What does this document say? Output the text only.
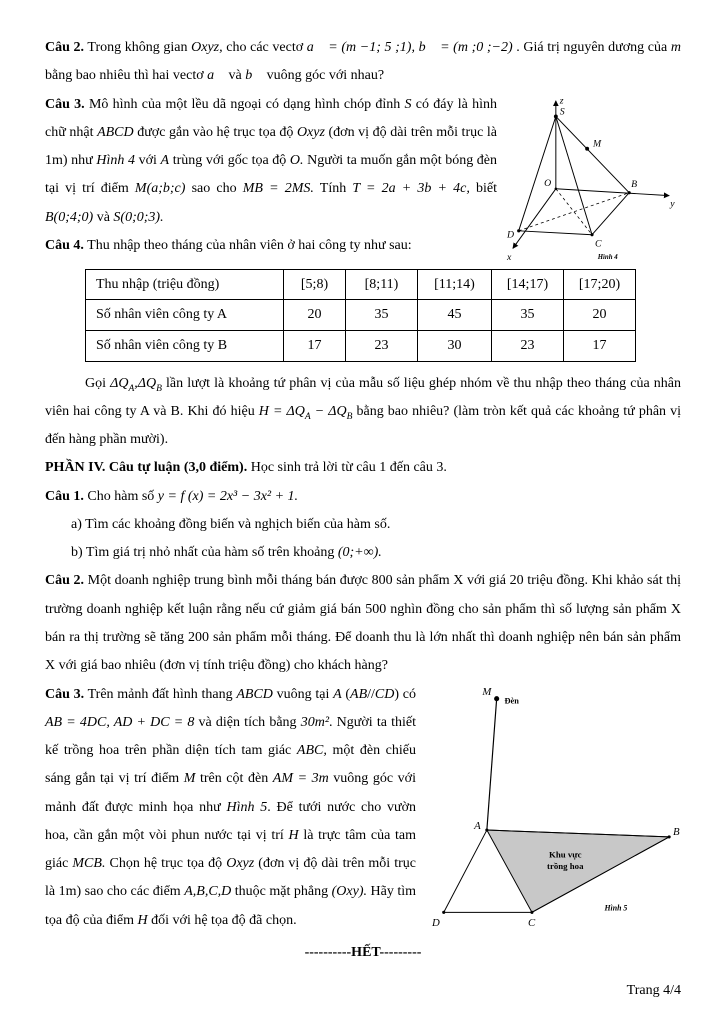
Câu 2. Trong không gian Oxyz, cho các vectơ a⃗ = (m −1; 5 ;1), b⃗ = (m ;0 ;−2) . Giá trị nguyên dương của m bằng bao nhiêu thì hai vectơ a⃗ và b⃗ vuông góc với nhau?

z
S
M
O	B
y
D
C
x	Hình 4

Câu 3. Mô hình của một lều dã ngoại có dạng hình chóp đỉnh S có đáy là hình chữ nhật ABCD được gắn vào hệ trục tọa độ Oxyz (đơn vị độ dài trên mỗi trục là 1m) như Hình 4 với A trùng với gốc tọa độ O. Người ta muốn gắn một bóng đèn tại vị trí điểm M(a;b;c) sao cho MB = 2MS. Tính T = 2a + 3b + 4c, biết B(0;4;0) và S(0;0;3).

Câu 4. Thu nhập theo tháng của nhân viên ở hai công ty như sau:

Thu nhập (triệu đồng)	[5;8)	[8;11)	[11;14)	[14;17)	[17;20)
Số nhân viên công ty A	20	35	45	35	20
Số nhân viên công ty B	17	23	30	23	17

Gọi $\Delta Q_A,\Delta Q_B$ lần lượt là khoảng tứ phân vị của mẫu số liệu ghép nhóm về thu nhập theo tháng của nhân viên hai công ty A và B. Khi đó hiệu $H = \Delta Q_A - \Delta Q_B$ bằng bao nhiêu? (làm tròn kết quả các khoảng tứ phân vị đến hàng phần mười).

PHẦN IV. Câu tự luận (3,0 điểm). Học sinh trả lời từ câu 1 đến câu 3.

Câu 1. Cho hàm số y = f (x) = 2x³ − 3x² + 1.

a) Tìm các khoảng đồng biến và nghịch biến của hàm số.

b) Tìm giá trị nhỏ nhất của hàm số trên khoảng (0;+∞).

Câu 2. Một doanh nghiệp trung bình mỗi tháng bán được 800 sản phẩm X với giá 20 triệu đồng. Khi khảo sát thị trường doanh nghiệp kết luận rằng nếu cứ giảm giá bán 500 nghìn đồng cho sản phẩm thì số lượng sản phẩm X bán ra thị trường sẽ tăng 200 sản phẩm mỗi tháng. Để doanh thu là lớn nhất thì doanh nghiệp nên bán sản phẩm X với giá bao nhiêu (đơn vị tính triệu đồng) cho khách hàng?

M
Đèn
A	B
C
D
Khu vực
trồng hoa
Hình 5

Câu 3. Trên mảnh đất hình thang ABCD vuông tại A (AB//CD) có AB = 4DC, AD + DC = 8 và diện tích bằng 30m². Người ta thiết kế trồng hoa trên phần diện tích tam giác ABC, một đèn chiếu sáng gắn tại vị trí điểm M trên cột đèn AM = 3m vuông góc với mảnh đất được minh họa như Hình 5. Để tưới nước cho vườn hoa, cần gắn một vòi phun nước tại vị trí H là trực tâm của tam giác MCB. Chọn hệ trục tọa độ Oxyz (đơn vị độ dài trên mỗi trục là 1m) sao cho các điểm A,B,C,D thuộc mặt phẳng (Oxy). Hãy tìm tọa độ của điểm H đối với hệ tọa độ đã chọn.

----------HẾT---------

Trang 4/4
